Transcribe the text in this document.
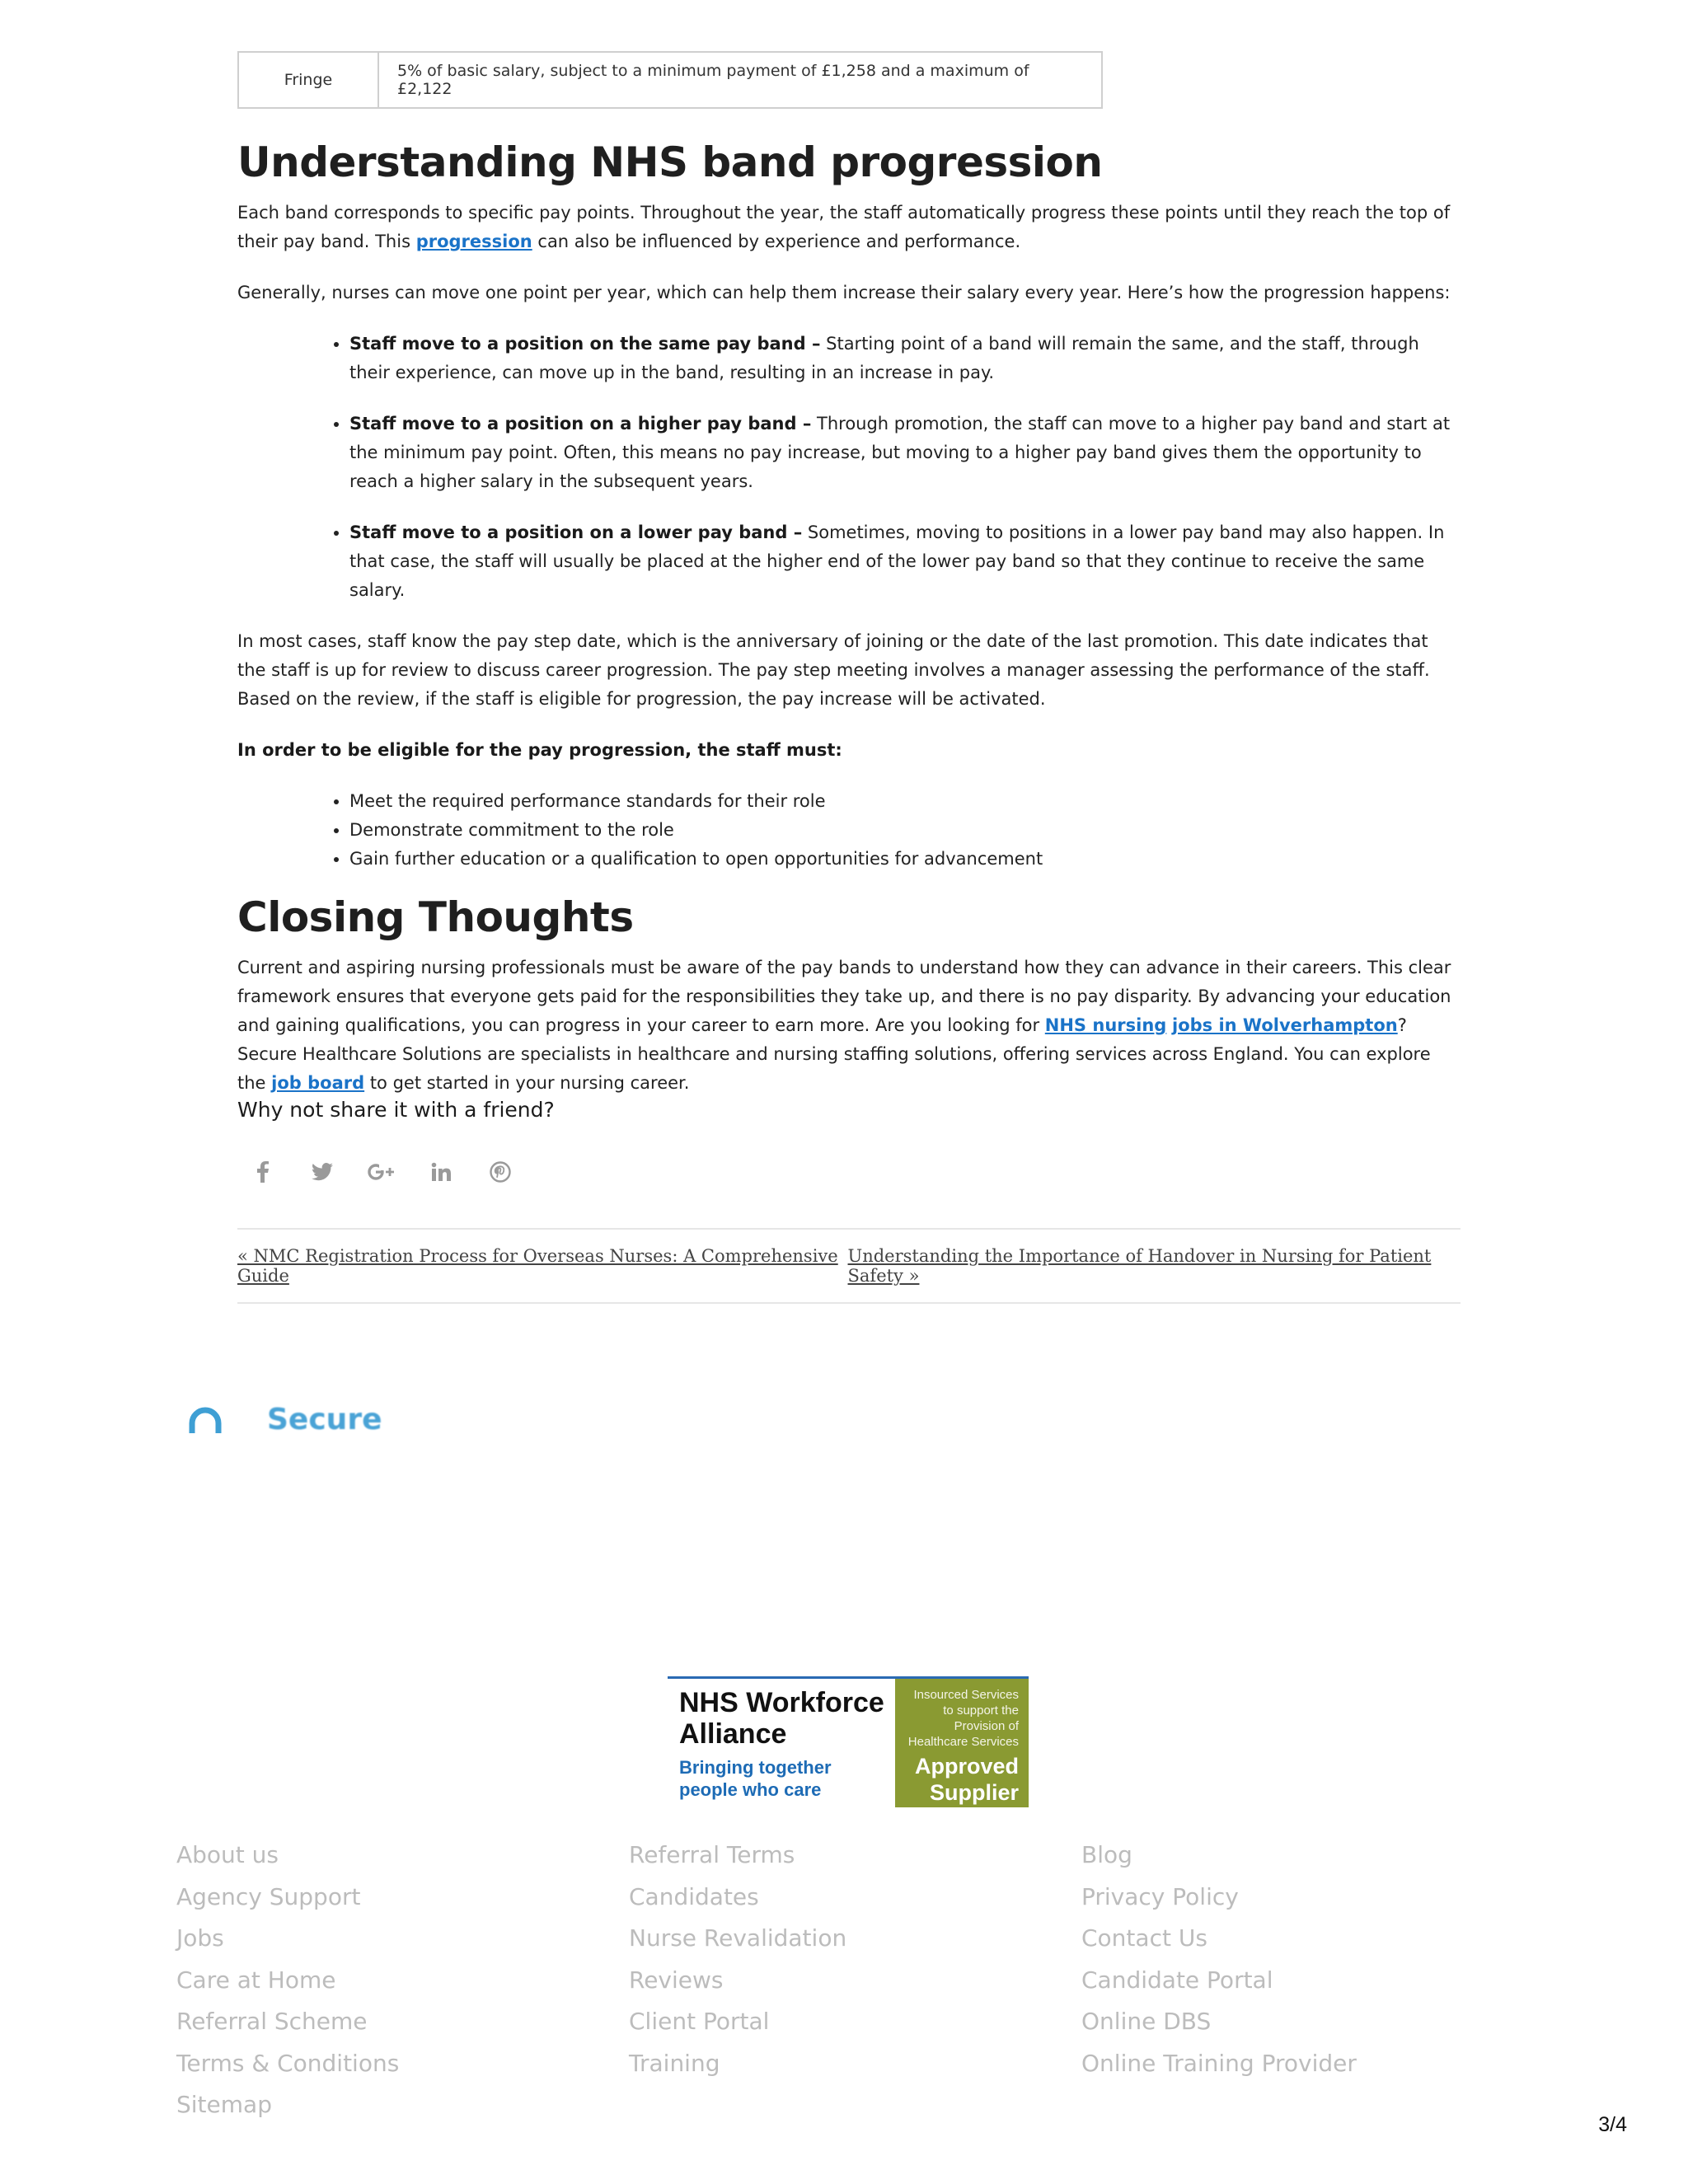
Fringe	5% of basic salary, subject to a minimum payment of £1,258 and a maximum of £2,122
Understanding NHS band progression

Each band corresponds to specific pay points. Throughout the year, the staff automatically progress these points until they reach the top of their pay band. This progression can also be influenced by experience and performance.

Generally, nurses can move one point per year, which can help them increase their salary every year. Here’s how the progression happens:

• Staff move to a position on the same pay band – Starting point of a band will remain the same, and the staff, through their experience, can move up in the band, resulting in an increase in pay.
• Staff move to a position on a higher pay band – Through promotion, the staff can move to a higher pay band and start at the minimum pay point. Often, this means no pay increase, but moving to a higher pay band gives them the opportunity to reach a higher salary in the subsequent years.
• Staff move to a position on a lower pay band – Sometimes, moving to positions in a lower pay band may also happen. In that case, the staff will usually be placed at the higher end of the lower pay band so that they continue to receive the same salary.

In most cases, staff know the pay step date, which is the anniversary of joining or the date of the last promotion. This date indicates that the staff is up for review to discuss career progression. The pay step meeting involves a manager assessing the performance of the staff. Based on the review, if the staff is eligible for progression, the pay increase will be activated.

In order to be eligible for the pay progression, the staff must:

• Meet the required performance standards for their role
• Demonstrate commitment to the role
• Gain further education or a qualification to open opportunities for advancement
Closing Thoughts

Current and aspiring nursing professionals must be aware of the pay bands to understand how they can advance in their careers. This clear framework ensures that everyone gets paid for the responsibilities they take up, and there is no pay disparity. By advancing your education and gaining qualifications, you can progress in your career to earn more. Are you looking for NHS nursing jobs in Wolverhampton? Secure Healthcare Solutions are specialists in healthcare and nursing staffing solutions, offering services across England. You can explore the job board to get started in your nursing career.

Why not share it with a friend?

« NMC Registration Process for Overseas Nurses: A Comprehensive Guide
Understanding the Importance of Handover in Nursing for Patient Safety »
Secure
NHS Workforce
Alliance
Bringing together
people who care
Insourced Services
to support the
Provision of
Healthcare Services
Approved
Supplier
About us
Agency Support
Jobs
Care at Home
Referral Scheme
Terms & Conditions
Sitemap
Referral Terms
Candidates
Nurse Revalidation
Reviews
Client Portal
Training
Blog
Privacy Policy
Contact Us
Candidate Portal
Online DBS
Online Training Provider
3/4
